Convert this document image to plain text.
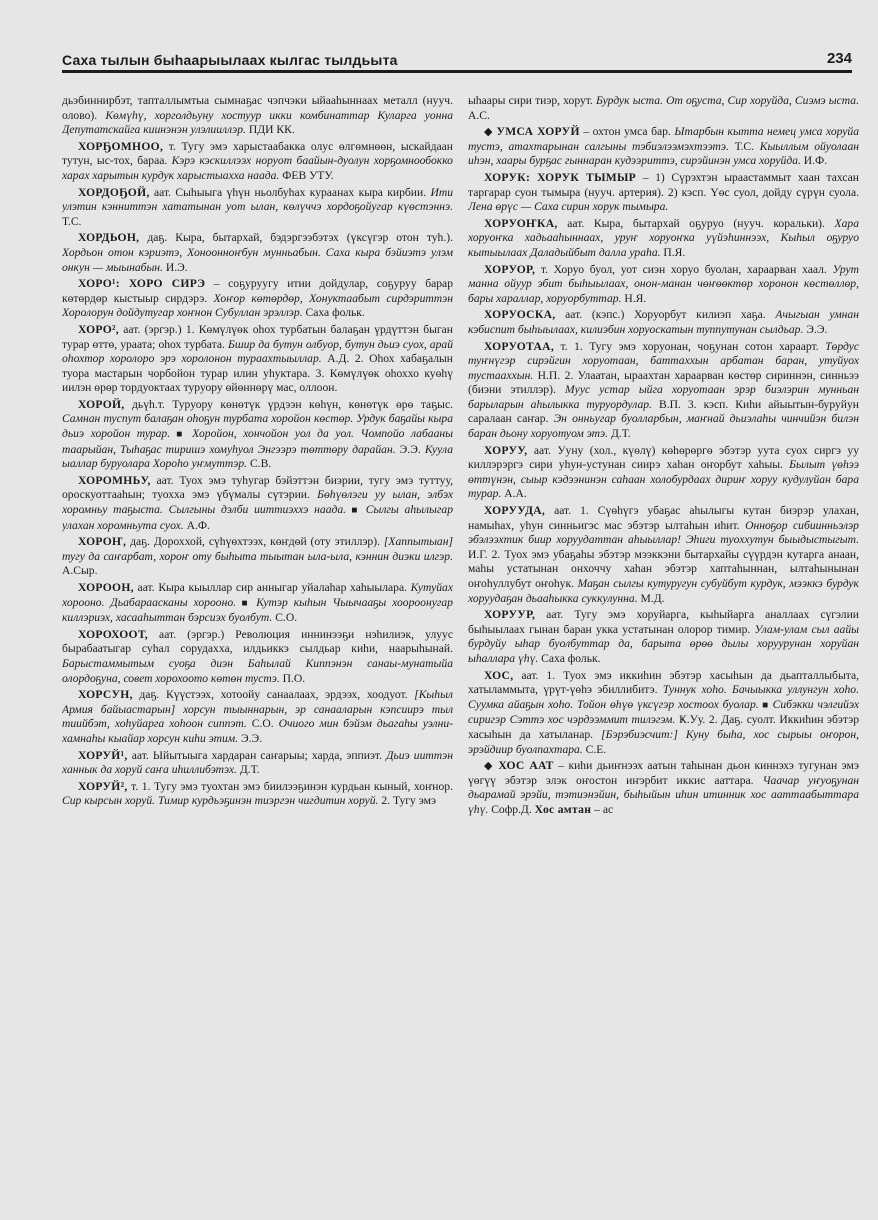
Саха тылын быһаарыылаах кылгас тылдьыта	234

дьэбиннирбэт, тапталлымтыа сымнаҕас чэпчэки ыйааһыннаах металл (нууч. олово). Көмүһү, хорголдьуну хостуур икки комбинаттар Куларга уонна Депутатскайга киинэнэн улэлииллэр. ПДИ КК.

ХОРҔОМНОО, т. Тугу эмэ харыстаабакка олус өлгөмнөөн, ыскайдаан тутун, ыс-тох, бараа. Кэрэ кэскиллээх норуот баайын-дуолун хорҕомнообокко харах харытын курдук харыстыахха наада. ФЕВ УТУ.

ХОРДОҔОЙ, аат. Сыһыыга үһүн ньолбуһах кураанах кыра кирбии. Ити улэтин кэнниттэн хататынан уот ылан, көлүччэ хордоҕойугар күөстэннэ. Т.С.

ХОРДЬОН, даҕ. Кыра, бытархай, бэдэргээбэтэх (үксүгэр отон туһ.). Хордьон отон кэриэтэ, Хоноонноҥбун мунньабын. Саха кыра бэйиэтэ улэм онкун — мыынабын. И.Э.

ХОРО¹: ХОРО СИРЭ – соҕуруугу итии дойдулар, соҕуруу барар көтөрдөр кыстыыр сирдэрэ. Хоҥор көтөрдөр, Хонуктаабыт сирдэриттэн Хоролорун дойдутугар хоҥнон Субуллан эрэллэр. Саха фольк.

ХОРО², аат. (эргэр.) 1. Көмүлүөк оһох турбатын балаҕан үрдүттэн быган турар өттө, ураата; оһох турбата. Бшир да бутун олбуор, бутун дьиэ суох, арай оһохтор хоролоро эрэ хоролонон тураахтыыллар. А.Д. 2. Оһох хабаҕалын туора мастарын чорбойон турар илин уһуктара. 3. Көмүлүөк оһоххо куөһү иилэн өрөр тордуоктаах туруору өйөннөрү мас, оллоон.

ХОРОЙ, дьүһ.т. Туруору көнөтүк үрдээн көһүн, көнөтүк өрө таҕыс. Самнан туспут балаҕан оһоҕун турбата хоройон көстөр. Урдук баҕайы кыра дьиэ хоройон турар. ■ Хоройон, хончойон уол да уол. Чомпойо лабааны таарыйан, Тыһаҕас тиришэ хомуһуол Энгээрэ төттөру дарайан. Э.Э. Куула ыаллар буруолара Хороһо уҥмуттэр. С.В.

ХОРОМНЬУ, аат. Туох эмэ туһугар бэйэттэн биэрии, тугу эмэ туттуу, ороскуоттааһын; туохха эмэ үбүмалы сүтэрии. Бөһүөлэги уу ылан, элбэх хоромньу таҕыста. Сылгыны дэлби ииттиэххэ наада. ■ Сылгы аһылыгар улахан хоромньута суох. А.Ф.

ХОРОҤ, даҕ. Дороххой, сүһүөхтээх, көҥдөй (оту этиллэр). [Хаппытыан] тугу да саҥарбат, хороҥ оту быһыта тыытан ыла-ыла, кэннин диэки илгэр. А.Сыр.

ХОРООН, аат. Кыра кыыллар сир анныгар уйалаһар хаһыылара. Кутуйах хорооно. Дьабараасканы хорооно. ■ Кутэр кыһын Чыычааҕы хоороонугар киллэриэх, хасааһыттан бэрсиэх буолбут. С.О.

ХОРОХООТ, аат. (эргэр.) Революция иннинээҕи нэһилиэк, улууc бырабаатыгар суһал сорудахха, илдьиккэ сылдьар киһи, наарыһынай. Барыстаммытым суоҕа диэн Баһылай Киппэнэн санаы-мунатыйа олордоҕуна, совет хорохоото көтөн тустэ. П.О.

ХОРСУН, даҕ. Күүстээх, хотоойу санаалаах, эрдээх, хоодуот. [Кыһыл Армия байыастарын] хорсун тыыннарын, эр санааларын кэпсиирэ тыл тиийбэт, хоһуйарга хоһоон сиппэт. С.О. Очиого мин бэйэм дьагаһы уэлни-хамнаһы кыайар хорсун киһи этим. Э.Э.

ХОРУЙ¹, аат. Ыйытыыга хардаран саҥарыы; харда, эппиэт. Дьиэ ииттэн ханнык да хоруй саҥа иһиллибэтэх. Д.Т.

ХОРУЙ², т. 1. Тугу эмэ туохтан эмэ биилээҕинэн курдьан кыный, хоҥнор. Сир кырсын хоруй. Тимир курдьэҕинэн тиэргэн чигдитин хоруй. 2. Тугу эмэ

ыһаары сири тиэр, хорут. Бурдук ыста. От оҕуста, Сир хоруйда, Сиэмэ ыста. А.С.

◆ УМСА ХОРУЙ – охтон умса бар. Ытарбын кытта немец умса хоруйа тустэ, атахтарынан салгыны тэбиэлээмэхтээтэ. Т.С. Кыыллым ойуолаан иһэн, хаары бурҕас гыннаран кудээриттэ, сирэйинэн умса хоруйда. И.Ф.

ХОРУК: ХОРУК ТЫМЫР – 1) Сүрэхтэн ыраастаммыт хаан тахсан таргарар суон тымыра (нууч. артерия). 2) кэсп. Үөс суол, дойду сүрүн суола. Лена өрүс — Саха сирин хорук тымыра.

ХОРУОҤКА, аат. Кыра, бытархай оҕуруо (нууч. коральки). Хара хоруоҥка хадьааһыннаах, уруҥ хоруоҥка уүйэһиннээх, Кыһыл оҕуруо кытыылаах Даладыйбыт далла ураһа. П.Я.

ХОРУОР, т. Хоруо буол, уот сиэн хоруо буолан, хараарван хаал. Урут манна ойуур эбит быһыылаах, онон-манан чөҥөөктөр хоронон көстөллөр, бары хараллар, хоруорбуттар. Н.Я.

ХОРУОСКА, аат. (кэпс.) Хоруорбут килиэп хаҕа. Ачыгыан умнан кэбиспит быһыылаах, килиэбин хоруоскатын туппутунан сылдьар. Э.Э.

ХОРУОТАА, т. 1. Тугу эмэ хоруонан, чоҕунан сотон хараарт. Төрдус туҥнүгэр сирэйгин хоруотаан, баттаххын арбатан баран, утуйуох тустааххын. Н.П. 2. Улаатан, ыраахтан хараарван көстөр сириннэн, синньээ (биэни этиллэр). Муус устар ыйга хоруотаан эрэр биэлэрин мунньан барыларын аһылыкка туруордулар. В.П. 3. кэсп. Киһи айыытын-буруйун саралаан саҥар. Эн онньугар буолларбын, маҥнай дьиэлаһы чинчийэн билэн баран дьону хоруотуом этэ. Д.Т.

ХОРУУ, аат. Ууну (хол., күөлү) көһөрөргө эбэтэр уута суох сиргэ уу киллэрэргэ сири уһун-устунан сиирэ хаһан оҥорбут хаһыы. Былыт үөһээ өттүнэн, сыыр кэдээнинэн саһаан холобурдаах дириҥ хоруу кудулуйан бара турар. А.А.

ХОРУУДА, аат. 1. Сүөһүгэ убаҕас аһылыгы кутан биэрэр улахан, намыһах, уһун синньигэс мас эбэтэр ылтаһын иһит. Онноҕор сибиинньэлэр эбэлээхтик биир хоруудаттан аһыыллар! Эһиги туоххутун быыдыстыгыт. И.Г. 2. Туох эмэ убаҕаһы эбэтэр мээккэни бытархайы сүүрдэн кутарга анаан, маһы устатынан онхоччу хаһан эбэтэр хаптаһыннан, ылтаһынынан оҥоһуллубут оҥоһук. Маҕан сылгы кутуругун субуйбут курдук, мээккэ бурдук хоруудаҕан дьааһыкка суккулунна. М.Д.

ХОРУУР, аат. Тугу эмэ хоруйарга, кыһыйарга аналлаах сүгэлии быһыылаах гынан баран укка устатынан олорор тимир. Улам-улам сыл аайы бурдуйу ыһар буолбуттар да, барыта өрөө дылы хоруурунан хоруйан ыһаллара үһү. Саха фольк.

ХОС, аат. 1. Туох эмэ иккиһин эбэтэр хасыһын да дьапталлыбыта, хатыламмыта, үрүт-үөһэ эбиллибитэ. Туннук хоһо. Бачыыкка уллунгун хоһо. Суумка айаҕын хоһо. Тойон өһүө үксүгэр хостоох буолар. ■ Сибэкки чэлгийэх сиригэр Сэттэ хос чэрдээммит тилэгэм. Ҝ.Уу. 2. Даҕ. суолт. Иккиһин эбэтэр хасыһын да хатыланар. [Бэрэбиэсчит:] Куну быһа, хос сырыы оҥорон, эрэйдиир буолпахтара. С.Е.

◆ ХОС ААТ – киһи дьиҥнээх аатын таһынан дьон киннэхэ тугунан эмэ үөгүү эбэтэр элэк оҥостон иҥэрбит иккис ааттара. Чаачар уҥуоҕунан дьарамай эрэйи, тэтиэнэйин, быһыйын иһин итинник хос ааттаабыттара үһү. Софр.Д. Хос амтан – ас
